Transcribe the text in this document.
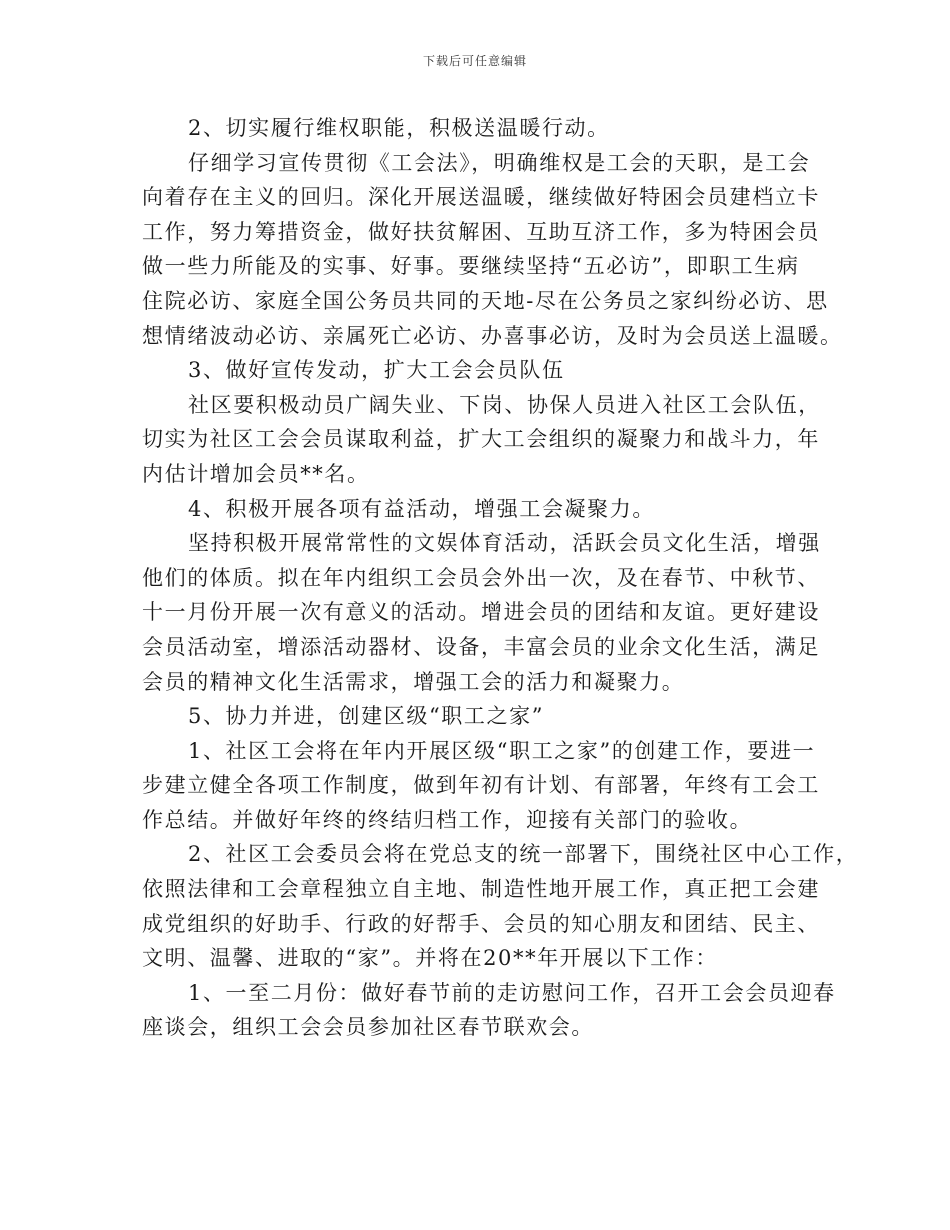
下载后可任意编辑
2、切实履行维权职能，积极送温暖行动。
仔细学习宣传贯彻《工会法》，明确维权是工会的天职，是工会
向着存在主义的回归。深化开展送温暖，继续做好特困会员建档立卡
工作，努力筹措资金，做好扶贫解困、互助互济工作，多为特困会员
做一些力所能及的实事、好事。要继续坚持“五必访”，即职工生病
住院必访、家庭全国公务员共同的天地-尽在公务员之家纠纷必访、思
想情绪波动必访、亲属死亡必访、办喜事必访，及时为会员送上温暖。
3、做好宣传发动，扩大工会会员队伍
社区要积极动员广阔失业、下岗、协保人员进入社区工会队伍，
切实为社区工会会员谋取利益，扩大工会组织的凝聚力和战斗力，年
内估计增加会员**名。
4、积极开展各项有益活动，增强工会凝聚力。
坚持积极开展常常性的文娱体育活动，活跃会员文化生活，增强
他们的体质。拟在年内组织工会员会外出一次，及在春节、中秋节、
十一月份开展一次有意义的活动。增进会员的团结和友谊。更好建设
会员活动室，增添活动器材、设备，丰富会员的业余文化生活，满足
会员的精神文化生活需求，增强工会的活力和凝聚力。
5、协力并进，创建区级“职工之家”
1、社区工会将在年内开展区级“职工之家”的创建工作，要进一
步建立健全各项工作制度，做到年初有计划、有部署，年终有工会工
作总结。并做好年终的终结归档工作，迎接有关部门的验收。
2、社区工会委员会将在党总支的统一部署下，围绕社区中心工作，
依照法律和工会章程独立自主地、制造性地开展工作，真正把工会建
成党组织的好助手、行政的好帮手、会员的知心朋友和团结、民主、
文明、温馨、进取的“家”。并将在20**年开展以下工作：
1、一至二月份：做好春节前的走访慰问工作，召开工会会员迎春
座谈会，组织工会会员参加社区春节联欢会。
